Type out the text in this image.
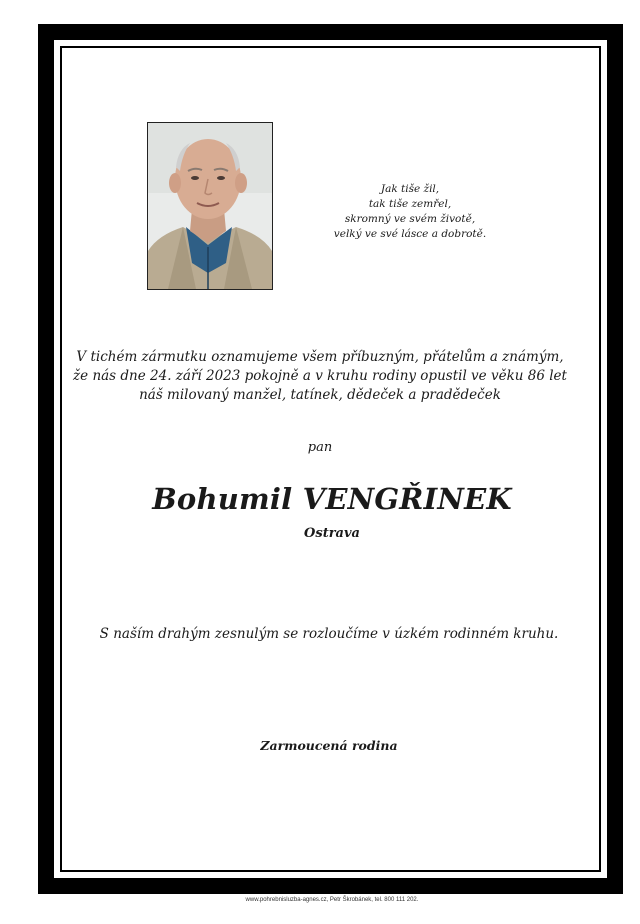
Jak tiše žil,
tak tiše zemřel,
skromný ve svém životě,
velký ve své lásce a dobrotě.
V tichém zármutku oznamujeme všem příbuzným, přátelům a známým,
že nás dne 24. září 2023 pokojně a v kruhu rodiny opustil ve věku 86 let
náš milovaný manžel, tatínek, dědeček a pradědeček
pan
Bohumil VENGŘINEK
Ostrava
S naším drahým zesnulým se rozloučíme v úzkém rodinném kruhu.
Zarmoucená rodina
www.pohrebnisluzba-agnes.cz, Petr Škrobánek, tel. 800 111 202.
